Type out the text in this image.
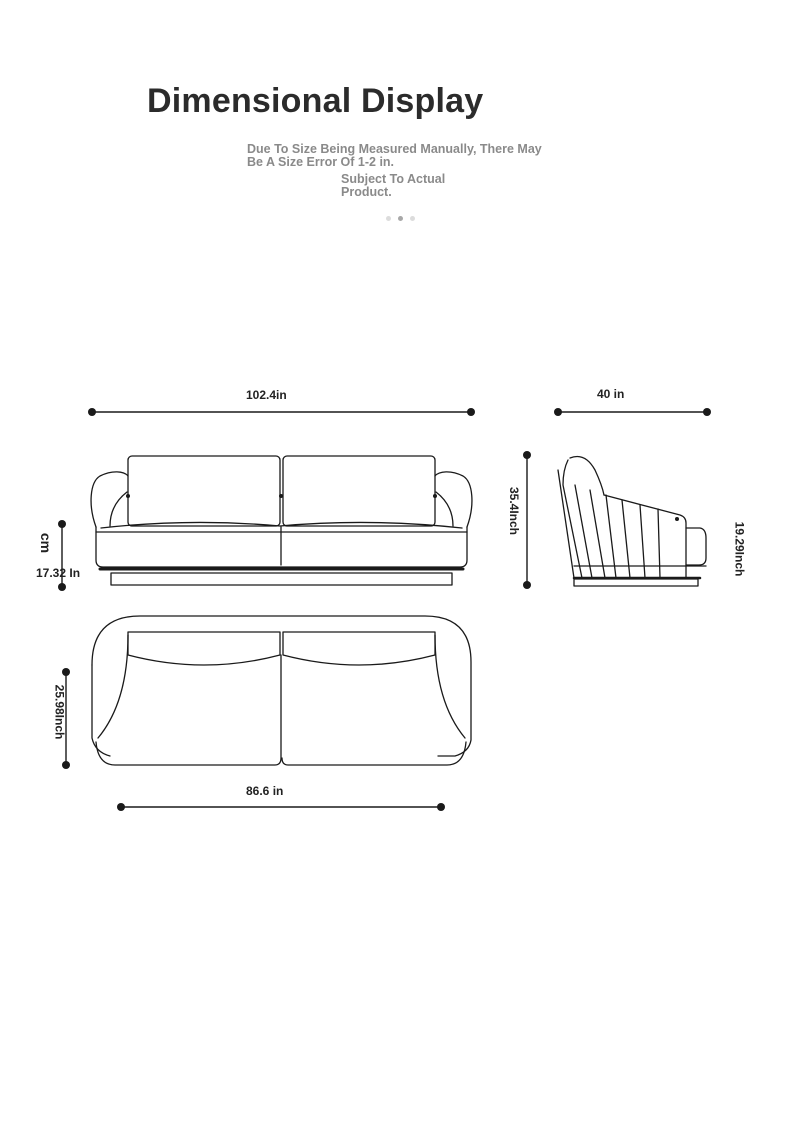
Dimensional Display
Due To Size Being Measured Manually, There May Be A Size Error Of 1-2 in.
Subject To Actual Product.
102.4in	40 in
35.4Inch
19.29Inch
cm
17.32 In
25.98Inch
86.6 in
